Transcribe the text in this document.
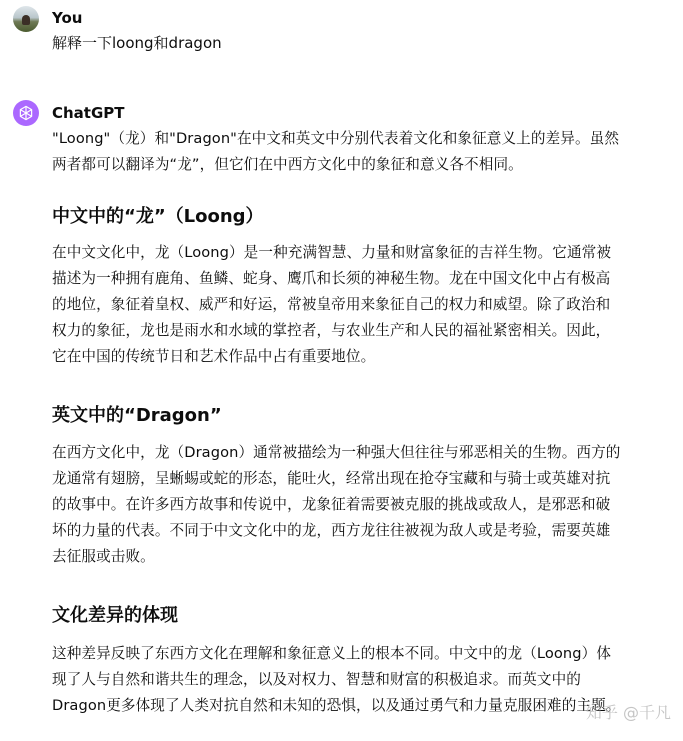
You
解释一下loong和dragon
ChatGPT

"Loong"（龙）和"Dragon"在中文和英文中分别代表着文化和象征意义上的差异。虽然
两者都可以翻译为“龙”，但它们在中西方文化中的象征和意义各不相同。

中文中的“龙”（Loong）

在中文文化中，龙（Loong）是一种充满智慧、力量和财富象征的吉祥生物。它通常被
描述为一种拥有鹿角、鱼鳞、蛇身、鹰爪和长须的神秘生物。龙在中国文化中占有极高
的地位，象征着皇权、威严和好运，常被皇帝用来象征自己的权力和威望。除了政治和
权力的象征，龙也是雨水和水域的掌控者，与农业生产和人民的福祉紧密相关。因此，
它在中国的传统节日和艺术作品中占有重要地位。

英文中的“Dragon”

在西方文化中，龙（Dragon）通常被描绘为一种强大但往往与邪恶相关的生物。西方的
龙通常有翅膀，呈蜥蜴或蛇的形态，能吐火，经常出现在抢夺宝藏和与骑士或英雄对抗
的故事中。在许多西方故事和传说中，龙象征着需要被克服的挑战或敌人，是邪恶和破
坏的力量的代表。不同于中文文化中的龙，西方龙往往被视为敌人或是考验，需要英雄
去征服或击败。

文化差异的体现

这种差异反映了东西方文化在理解和象征意义上的根本不同。中文中的龙（Loong）体
现了人与自然和谐共生的理念，以及对权力、智慧和财富的积极追求。而英文中的
Dragon更多体现了人类对抗自然和未知的恐惧，以及通过勇气和力量克服困难的主题。

知乎 @千凡
